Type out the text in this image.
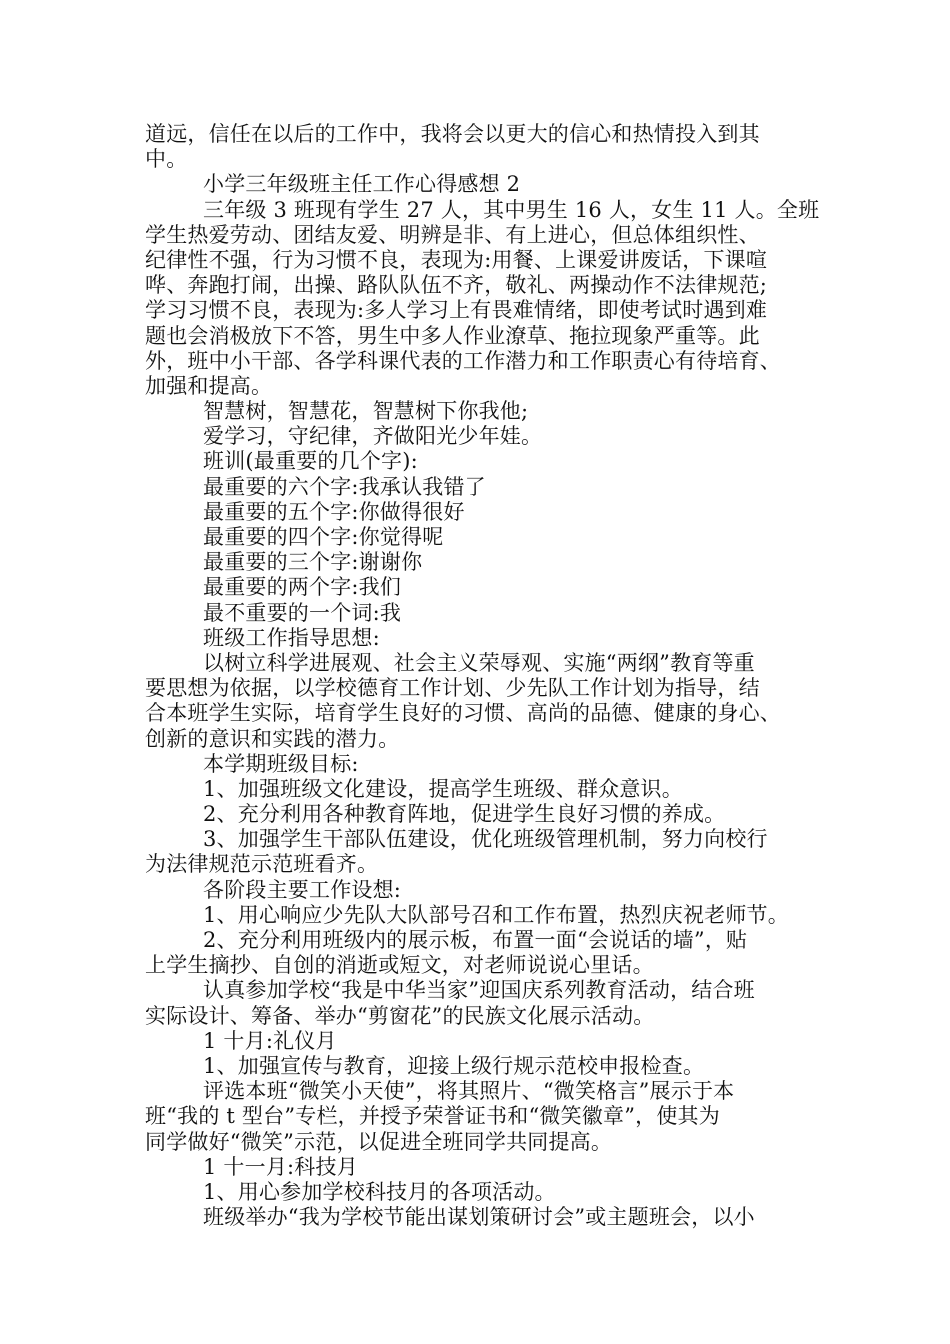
道远，信任在以后的工作中，我将会以更大的信心和热情投入到其
中。
小学三年级班主任工作心得感想 2
三年级 3 班现有学生 27 人，其中男生 16 人，女生 11 人。全班
学生热爱劳动、团结友爱、明辨是非、有上进心，但总体组织性、
纪律性不强，行为习惯不良，表现为:用餐、上课爱讲废话，下课喧
哗、奔跑打闹，出操、路队队伍不齐，敬礼、两操动作不法律规范;
学习习惯不良，表现为:多人学习上有畏难情绪，即使考试时遇到难
题也会消极放下不答，男生中多人作业潦草、拖拉现象严重等。此
外，班中小干部、各学科课代表的工作潜力和工作职责心有待培育、
加强和提高。
智慧树，智慧花，智慧树下你我他;
爱学习，守纪律，齐做阳光少年娃。
班训(最重要的几个字):
最重要的六个字:我承认我错了
最重要的五个字:你做得很好
最重要的四个字:你觉得呢
最重要的三个字:谢谢你
最重要的两个字:我们
最不重要的一个词:我
班级工作指导思想:
以树立科学进展观、社会主义荣辱观、实施“两纲”教育等重
要思想为依据，以学校德育工作计划、少先队工作计划为指导，结
合本班学生实际，培育学生良好的习惯、高尚的品德、健康的身心、
创新的意识和实践的潜力。
本学期班级目标:
1、加强班级文化建设，提高学生班级、群众意识。
2、充分利用各种教育阵地，促进学生良好习惯的养成。
3、加强学生干部队伍建设，优化班级管理机制，努力向校行
为法律规范示范班看齐。
各阶段主要工作设想:
1、用心响应少先队大队部号召和工作布置，热烈庆祝老师节。
2、充分利用班级内的展示板，布置一面“会说话的墙”，贴
上学生摘抄、自创的消逝或短文，对老师说说心里话。
认真参加学校“我是中华当家”迎国庆系列教育活动，结合班
实际设计、筹备、举办“剪窗花”的民族文化展示活动。
1 十月:礼仪月
1、加强宣传与教育，迎接上级行规示范校申报检查。
评选本班“微笑小天使”，将其照片、“微笑格言”展示于本
班“我的 t 型台”专栏，并授予荣誉证书和“微笑徽章”，使其为
同学做好“微笑”示范，以促进全班同学共同提高。
1 十一月:科技月
1、用心参加学校科技月的各项活动。
班级举办“我为学校节能出谋划策研讨会”或主题班会，以小
